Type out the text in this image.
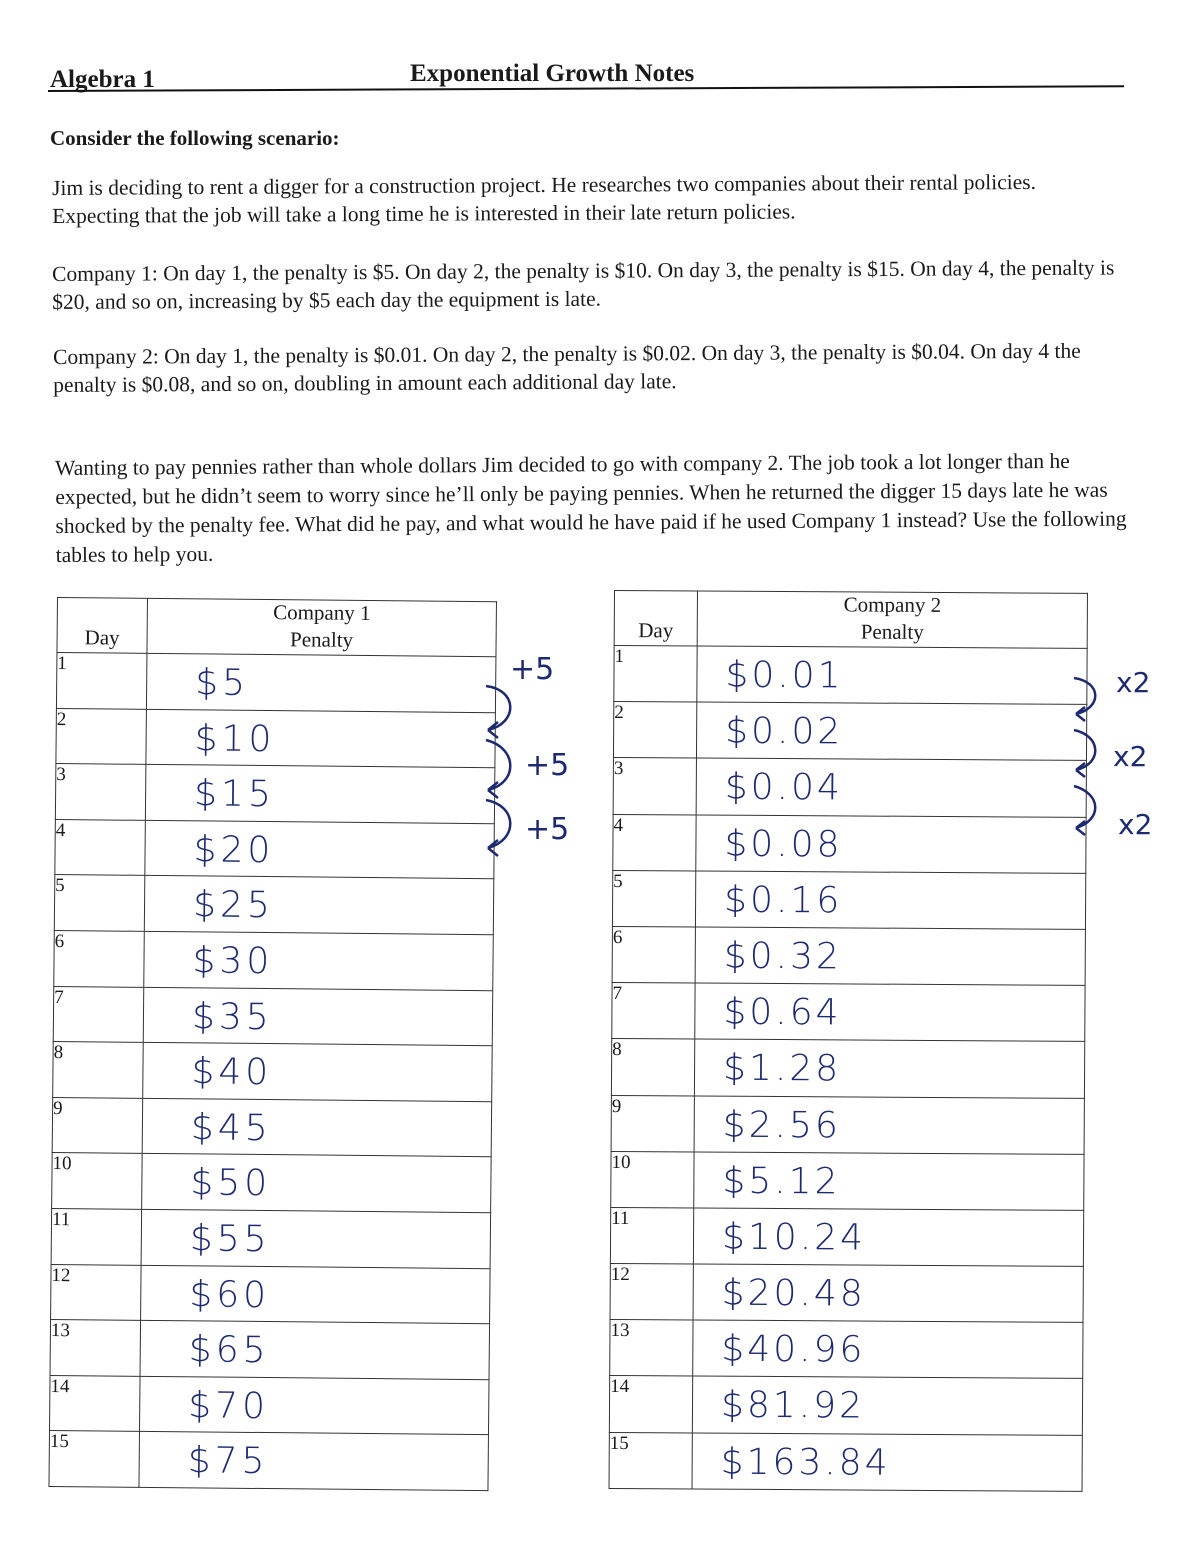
Algebra 1	Exponential Growth Notes

Consider the following scenario:

Jim is deciding to rent a digger for a construction project. He researches two companies about their rental policies. Expecting that the job will take a long time he is interested in their late return policies.

Company 1: On day 1, the penalty is $5. On day 2, the penalty is $10. On day 3, the penalty is $15. On day 4, the penalty is $20, and so on, increasing by $5 each day the equipment is late.

Company 2: On day 1, the penalty is $0.01. On day 2, the penalty is $0.02. On day 3, the penalty is $0.04. On day 4 the penalty is $0.08, and so on, doubling in amount each additional day late.

Wanting to pay pennies rather than whole dollars Jim decided to go with company 2. The job took a lot longer than he expected, but he didn’t seem to worry since he’ll only be paying pennies. When he returned the digger 15 days late he was shocked by the penalty fee. What did he pay, and what would he have paid if he used Company 1 instead? Use the following tables to help you.

Day	Company 1
Penalty
1	$5

2	$10

3	$15

4	$20

5	$25

6	$30

7	$35

8	$40

9	$45

10	$50

11	$55

12	$60

13	$65

14	$70

15	$75
Day	Company 2
Penalty
1	$0.01

2	$0.02

3	$0.04

4	$0.08

5	$0.16

6	$0.32

7	$0.64

8	$1.28

9	$2.56

10	$5.12

11	$10.24

12	$20.48

13	$40.96

14	$81.92

15	$163.84
+5
+5
+5
x2
x2
x2
